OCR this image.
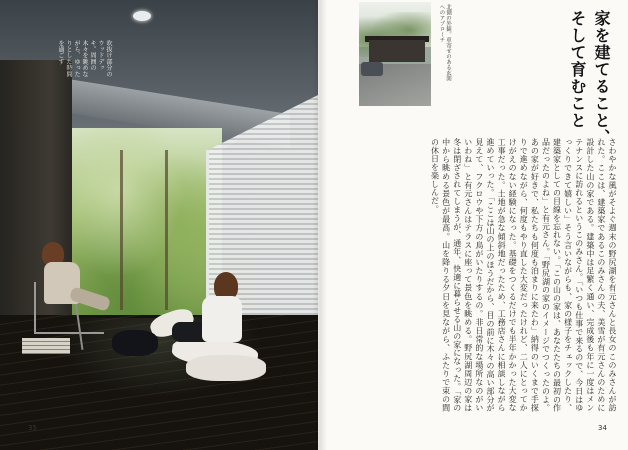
吹抜け部分のウッドデッキ。周囲の木々を眺めながら、ゆったりとした時間を過ごす
35
北側の外観。車寄せのある玄関へのアプローチ	家を建てること、
そして育むこと
さわやかな風がそよぐ週末の野尻湖を有元さんと長女のこのみさんが訪れた。ここは、建築家であるこのみさんの夫、美雪が有元さんのために設計した山の家である。建築中は足繁く通い、完成後も年に一度はメンテナンスに訪れるというこのみさん。「いつも仕事で来るので、今日はゆっくりできて嬉しい」そう言いながらも、家の様子をチェックしたり、建築家としての目線を忘れない。「この山の家は、あなたたちの最初の作品だったのよね」と有元さん。「野尻湖の家のイメージでつくったのよ。あの家が好きで、私たちも何度も泊まりに来たわ」納得のいくまで手探りで進めながら、何度もやり直した大変だったけれど、二人にとってかけがえのない経験になった。基礎をつくるだけでも半年かかった大変な工事だった。土地が急な傾斜地だったため、工務店さんに相談しながら進めていった。「ここは山の上のほうだから、目の前に木々の高い部分が見えて、フクロウや下方の鳥がいたりするの。非日常的な場所なのがいいわね」と有元さんはテラスに座って景色を眺める。野尻湖周辺の家は冬は閉ざされてしまうが、通年、快適に暮らせる山の家になった。「家の中から眺める景色が最高。山を降りる夕日を見ながら、ふたりで束の間の休日を楽しんだ。
34
